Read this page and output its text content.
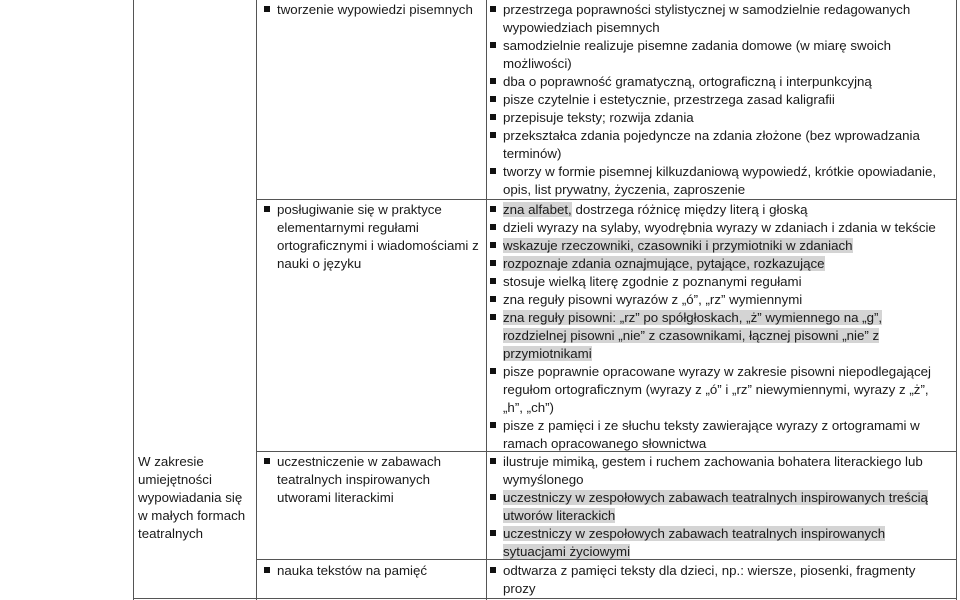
W zakresie umiejętności wypowiadania się w małych formach teatralnych
tworzenie wypowiedzi pisemnych	przestrzega poprawności stylistycznej w samodzielnie redagowanych wypowiedziach pisemnych
samodzielnie realizuje pisemne zadania domowe (w miarę swoich możliwości)
dba o poprawność gramatyczną, ortograficzną i interpunkcyjną
pisze czytelnie i estetycznie, przestrzega zasad kaligrafii
przepisuje teksty; rozwija zdania
przekształca zdania pojedyncze na zdania złożone (bez wprowadzania terminów)
tworzy w formie pisemnej kilkuzdaniową wypowiedź, krótkie opowiadanie, opis, list prywatny, życzenia, zaproszenie
posługiwanie się w praktyce elementarnymi regułami ortograficznymi i wiadomościami z nauki o języku
zna alfabet, dostrzega różnicę między literą i głoską
dzieli wyrazy na sylaby, wyodrębnia wyrazy w zdaniach i zdania w tekście
wskazuje rzeczowniki, czasowniki i przymiotniki w zdaniach
rozpoznaje zdania oznajmujące, pytające, rozkazujące
stosuje wielką literę zgodnie z poznanymi regułami
zna reguły pisowni wyrazów z „ó”, „rz” wymiennymi
zna reguły pisowni: „rz” po spółgłoskach, „ż” wymiennego na „g”, rozdzielnej pisowni „nie” z czasownikami, łącznej pisowni „nie” z przymiotnikami
pisze poprawnie opracowane wyrazy w zakresie pisowni niepodlegającej regułom ortograficznym (wyrazy z „ó” i „rz” niewymiennymi, wyrazy z „ż”, „h”, „ch”)
pisze z pamięci i ze słuchu teksty zawierające wyrazy z ortogramami w ramach opracowanego słownictwa
uczestniczenie w zabawach teatralnych inspirowanych utworami literackimi
ilustruje mimiką, gestem i ruchem zachowania bohatera literackiego lub wymyślonego
uczestniczy w zespołowych zabawach teatralnych inspirowanych treścią utworów literackich
uczestniczy w zespołowych zabawach teatralnych inspirowanych sytuacjami życiowymi
nauka tekstów na pamięć	odtwarza z pamięci teksty dla dzieci, np.: wiersze, piosenki, fragmenty prozy
